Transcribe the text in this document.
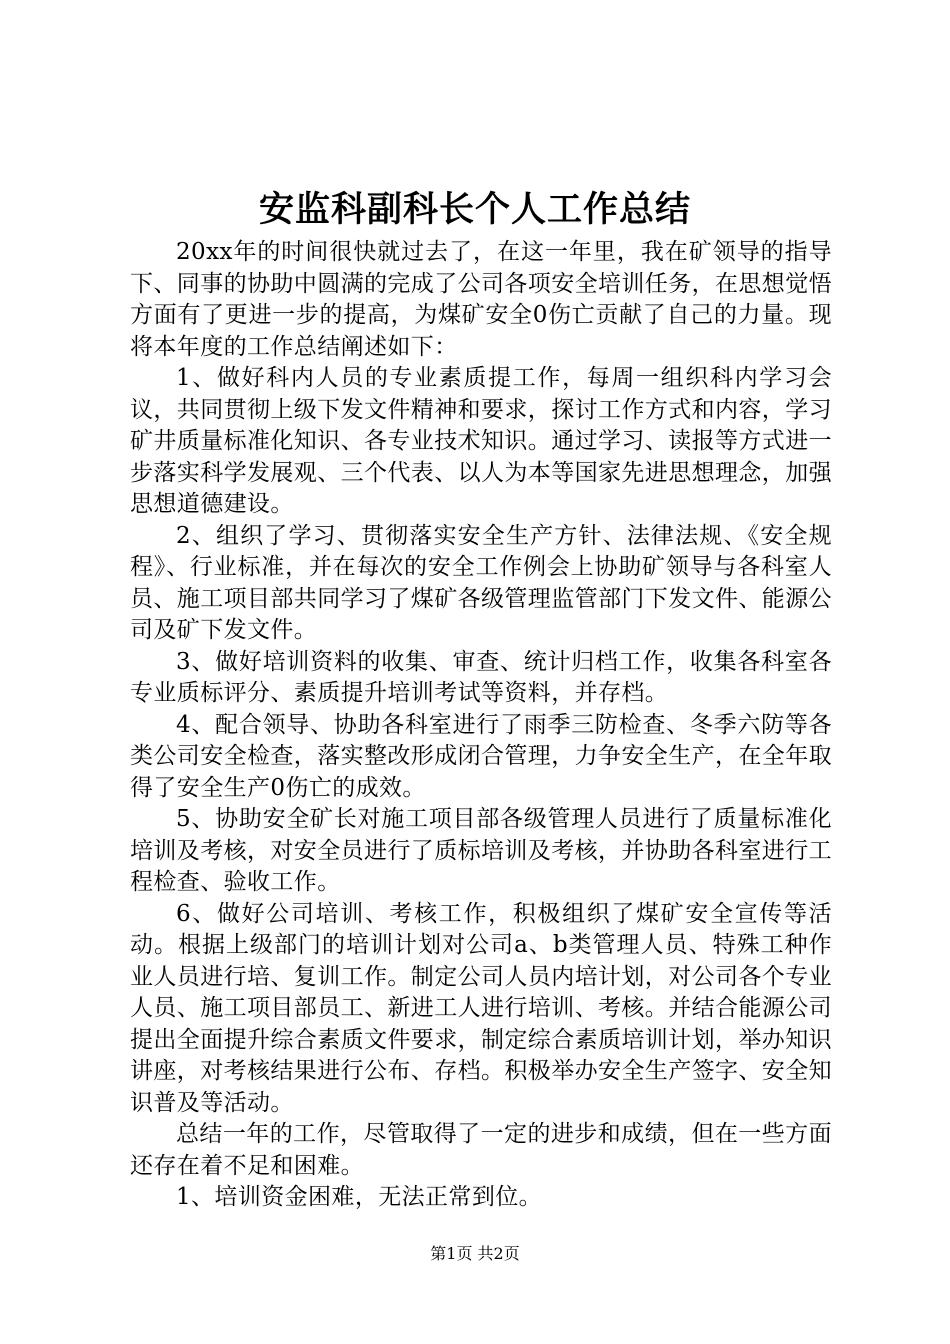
安监科副科长个人工作总结

20xx年的时间很快就过去了，在这一年里，我在矿领导的指导下、同事的协助中圆满的完成了公司各项安全培训任务，在思想觉悟方面有了更进一步的提高，为煤矿安全0伤亡贡献了自己的力量。现将本年度的工作总结阐述如下：

1、做好科内人员的专业素质提工作，每周一组织科内学习会议，共同贯彻上级下发文件精神和要求，探讨工作方式和内容，学习矿井质量标准化知识、各专业技术知识。通过学习、读报等方式进一步落实科学发展观、三个代表、以人为本等国家先进思想理念，加强思想道德建设。

2、组织了学习、贯彻落实安全生产方针、法律法规、《安全规程》、行业标准，并在每次的安全工作例会上协助矿领导与各科室人员、施工项目部共同学习了煤矿各级管理监管部门下发文件、能源公司及矿下发文件。

3、做好培训资料的收集、审查、统计归档工作，收集各科室各专业质标评分、素质提升培训考试等资料，并存档。

4、配合领导、协助各科室进行了雨季三防检查、冬季六防等各类公司安全检查，落实整改形成闭合管理，力争安全生产，在全年取得了安全生产0伤亡的成效。

5、协助安全矿长对施工项目部各级管理人员进行了质量标准化培训及考核，对安全员进行了质标培训及考核，并协助各科室进行工程检查、验收工作。

6、做好公司培训、考核工作，积极组织了煤矿安全宣传等活动。根据上级部门的培训计划对公司a、b类管理人员、特殊工种作业人员进行培、复训工作。制定公司人员内培计划，对公司各个专业人员、施工项目部员工、新进工人进行培训、考核。并结合能源公司提出全面提升综合素质文件要求，制定综合素质培训计划，举办知识讲座，对考核结果进行公布、存档。积极举办安全生产签字、安全知识普及等活动。

总结一年的工作，尽管取得了一定的进步和成绩，但在一些方面还存在着不足和困难。

1、培训资金困难，无法正常到位。

第1页 共2页
